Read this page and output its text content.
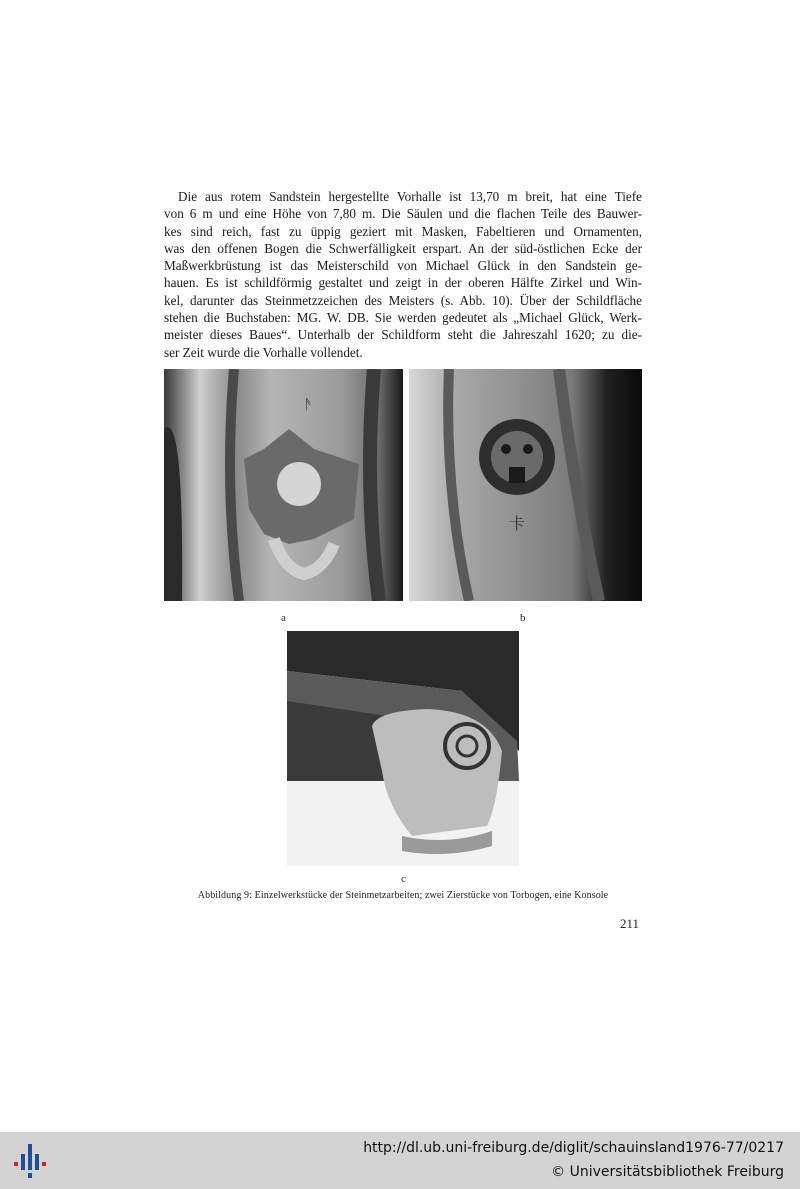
Die aus rotem Sandstein hergestellte Vorhalle ist 13,70 m breit, hat eine Tiefe
von 6 m und eine Höhe von 7,80 m. Die Säulen und die flachen Teile des Bauwer-
kes sind reich, fast zu üppig geziert mit Masken, Fabeltieren und Ornamenten,
was den offenen Bogen die Schwerfälligkeit erspart. An der süd-östlichen Ecke der
Maßwerkbrüstung ist das Meisterschild von Michael Glück in den Sandstein ge-
hauen. Es ist schildförmig gestaltet und zeigt in der oberen Hälfte Zirkel und Win-
kel, darunter das Steinmetzzeichen des Meisters (s. Abb. 10). Über der Schildfläche
stehen die Buchstaben: MG. W. DB. Sie werden gedeutet als „Michael Glück, Werk-
meister dieses Baues“. Unterhalb der Schildform steht die Jahreszahl 1620; zu die-
ser Zeit wurde die Vorhalle vollendet.

ᚫ
卡
a	b
c
Abbildung 9: Einzelwerkstücke der Steinmetzarbeiten; zwei Zierstücke von Torbogen, eine Konsole
211
http://dl.ub.uni-freiburg.de/diglit/schauinsland1976-77/0217
© Universitätsbibliothek Freiburg
